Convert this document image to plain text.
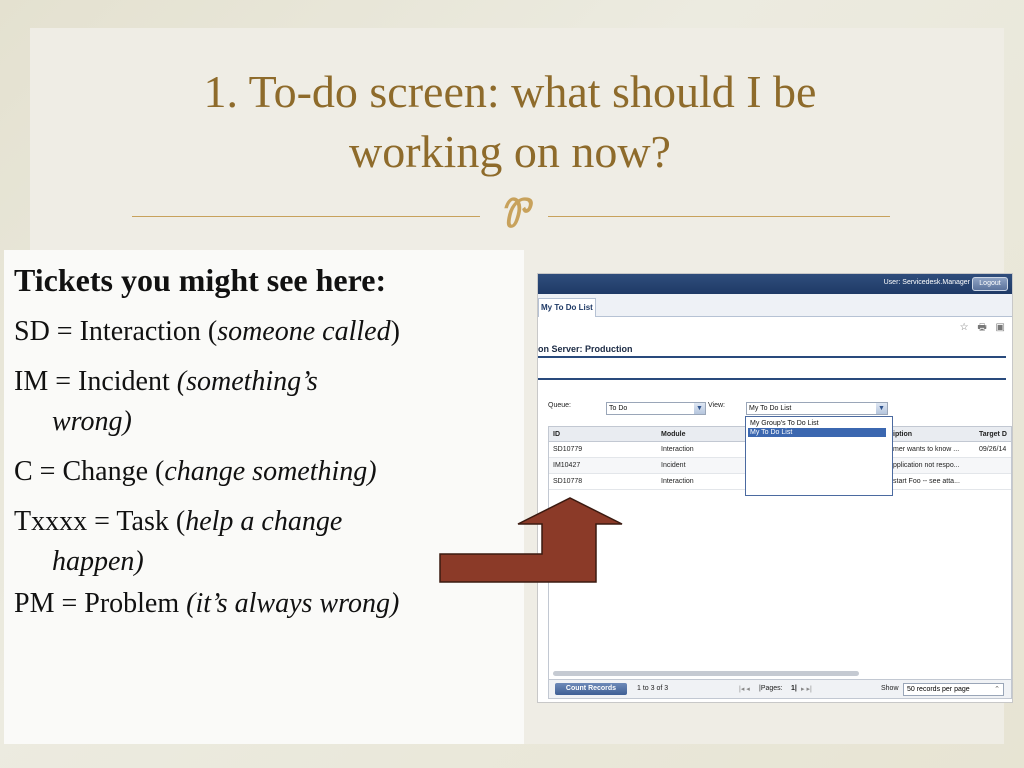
1. To-do screen: what should I be
working on now?
Ꮘ
Tickets you might see here:
SD = Interaction (someone called)
IM = Incident (something’s
wrong)
C = Change (change something)
Txxxx = Task (help a change
happen)
PM = Problem (it’s always wrong)
User: Servicedesk.Manager	Logout
My To Do List
☆ 🖶 ▣
on Server: Production
Queue:	To Do	▼ View:	My To Do List	▼
ID	Module	iption	Target D
SD10779	Interaction	mer wants to know ...	09/26/14
IM10427	Incident	pplication not respo...
SD10778	Interaction	start Foo -- see atta...
My Group's To Do List
My To Do List
Count Records	1 to 3 of 3	|◂ ◂ |Pages: 1| ▸ ▸|	Show	50 records per page	⌃
